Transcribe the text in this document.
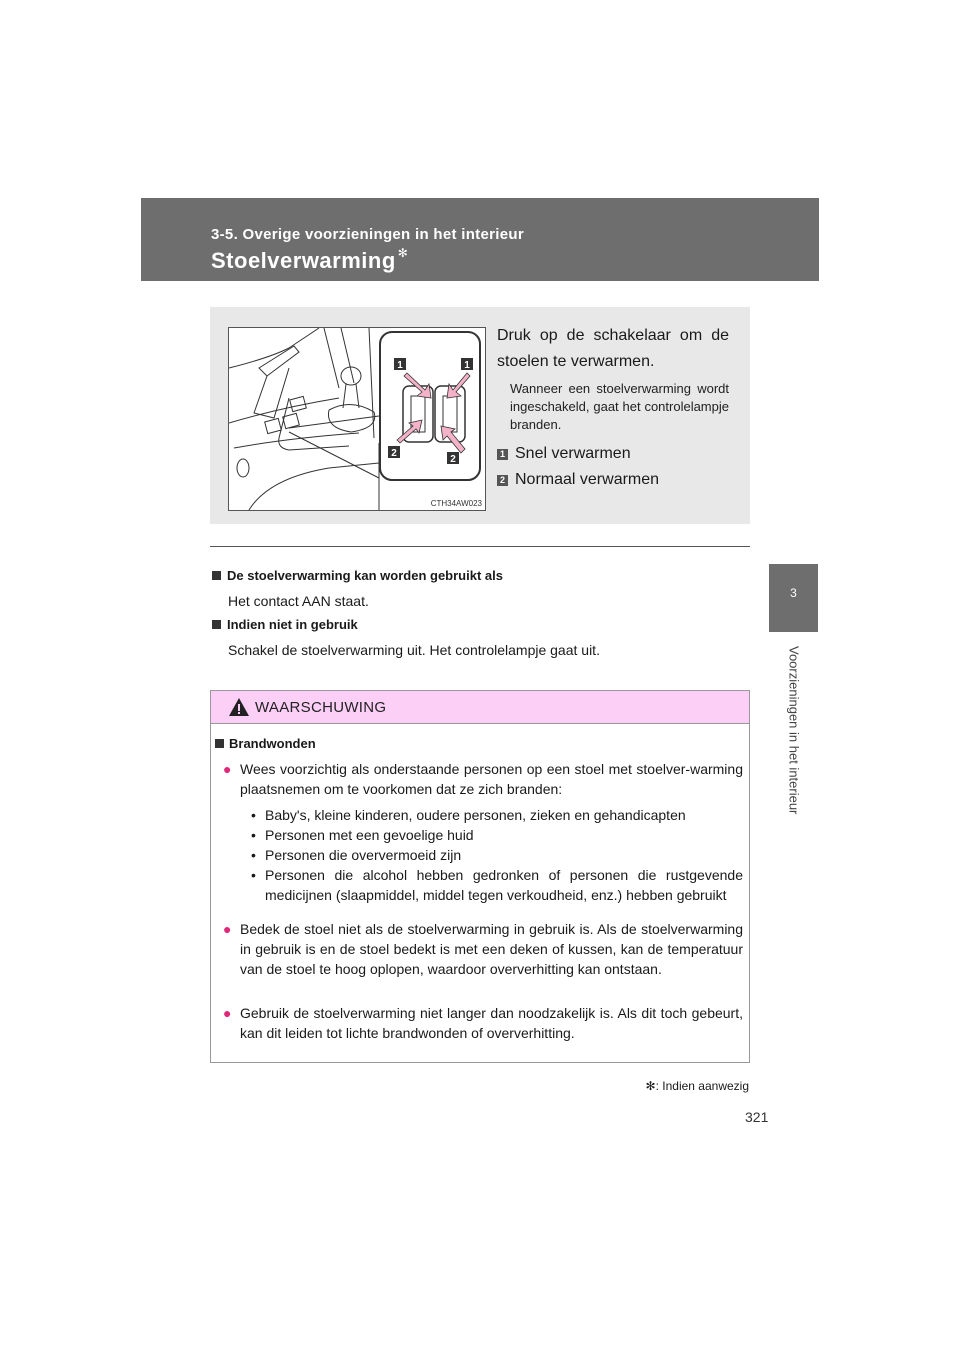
3-5. Overige voorzieningen in het interieur
Stoelverwarming ✻
3
Voorzieningen in het interieur
1	1
2
2
CTH34AW023
Druk op de schakelaar om de stoelen te verwarmen.
Wanneer een stoelverwarming wordt ingeschakeld, gaat het controlelampje branden.
1 Snel verwarmen
2 Normaal verwarmen
De stoelverwarming kan worden gebruikt als
Het contact AAN staat.
Indien niet in gebruik
Schakel de stoelverwarming uit. Het controlelampje gaat uit.
WAARSCHUWING
Brandwonden
● Wees voorzichtig als onderstaande personen op een stoel met stoelver-warming plaatsnemen om te voorkomen dat ze zich branden:
• Baby's, kleine kinderen, oudere personen, zieken en gehandicapten
• Personen met een gevoelige huid
• Personen die oververmoeid zijn
• Personen die alcohol hebben gedronken of personen die rustgevende medicijnen (slaapmiddel, middel tegen verkoudheid, enz.) hebben gebruikt
● Bedek de stoel niet als de stoelverwarming in gebruik is. Als de stoelverwarming in gebruik is en de stoel bedekt is met een deken of kussen, kan de temperatuur van de stoel te hoog oplopen, waardoor oververhitting kan ontstaan.
● Gebruik de stoelverwarming niet langer dan noodzakelijk is. Als dit toch gebeurt, kan dit leiden tot lichte brandwonden of oververhitting.
✻: Indien aanwezig
321
